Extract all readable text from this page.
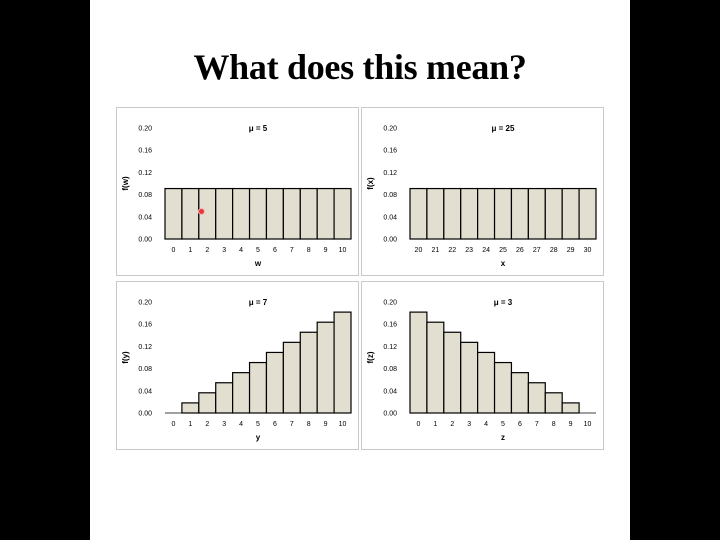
What does this mean?
μ = 5
0.00
0.04
0.08
0.12
0.16
0.20
f(w)
0 1 2 3 4 5 6 7 8 9 10
w
μ = 25
0.00
0.04
0.08
0.12
0.16
0.20
f(x)
20 21 22 23 24 25 26 27 28 29 30
x
μ = 7
0.00
0.04
0.08
0.12
0.16
0.20
f(y)
0 1 2 3 4 5 6 7 8 9 10
y
μ = 3
0.00
0.04
0.08
0.12
0.16
0.20
f(z)
0 1 2 3 4 5 6 7 8 9 10
z
